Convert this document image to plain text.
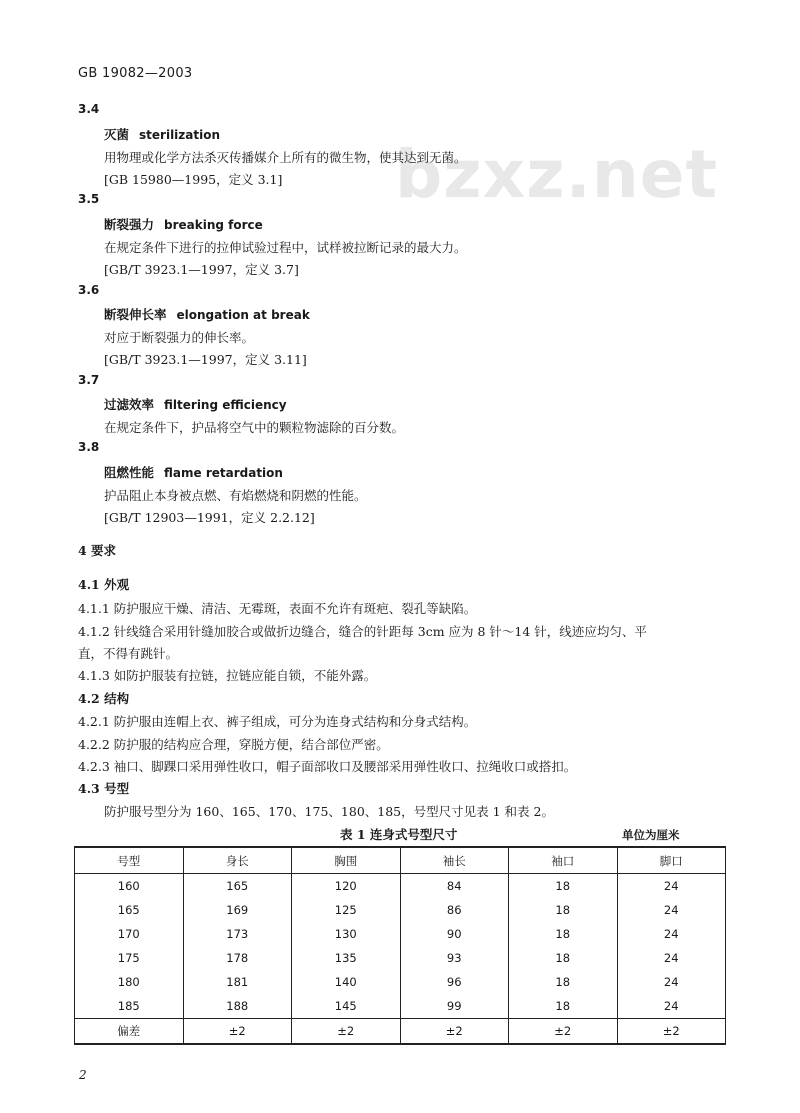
GB 19082—2003
bzxz.net
3.4
灭菌 sterilization
用物理或化学方法杀灭传播媒介上所有的微生物，使其达到无菌。
[GB 15980—1995，定义 3.1]
3.5
断裂强力 breaking force
在规定条件下进行的拉伸试验过程中，试样被拉断记录的最大力。
[GB/T 3923.1—1997，定义 3.7]
3.6
断裂伸长率 elongation at break
对应于断裂强力的伸长率。
[GB/T 3923.1—1997，定义 3.11]
3.7
过滤效率 filtering efficiency
在规定条件下，护品将空气中的颗粒物滤除的百分数。
3.8
阻燃性能 flame retardation
护品阻止本身被点燃、有焰燃烧和阴燃的性能。
[GB/T 12903—1991，定义 2.2.12]
4 要求
4.1 外观
4.1.1 防护服应干燥、清洁、无霉斑，表面不允许有斑疤、裂孔等缺陷。
4.1.2 针线缝合采用针缝加胶合或做折边缝合，缝合的针距每 3cm 应为 8 针～14 针，线迹应均匀、平
直，不得有跳针。
4.1.3 如防护服装有拉链，拉链应能自锁，不能外露。
4.2 结构
4.2.1 防护服由连帽上衣、裤子组成，可分为连身式结构和分身式结构。
4.2.2 防护服的结构应合理，穿脱方便，结合部位严密。
4.2.3 袖口、脚踝口采用弹性收口，帽子面部收口及腰部采用弹性收口、拉绳收口或搭扣。
4.3 号型
防护服号型分为 160、165、170、175、180、185，号型尺寸见表 1 和表 2。
表 1 连身式号型尺寸	单位为厘米
号型	身长	胸围	袖长	袖口	脚口
160	165	120	84	18	24
165	169	125	86	18	24
170	173	130	90	18	24
175	178	135	93	18	24
180	181	140	96	18	24
185	188	145	99	18	24
偏差	±2	±2	±2	±2	±2
2
